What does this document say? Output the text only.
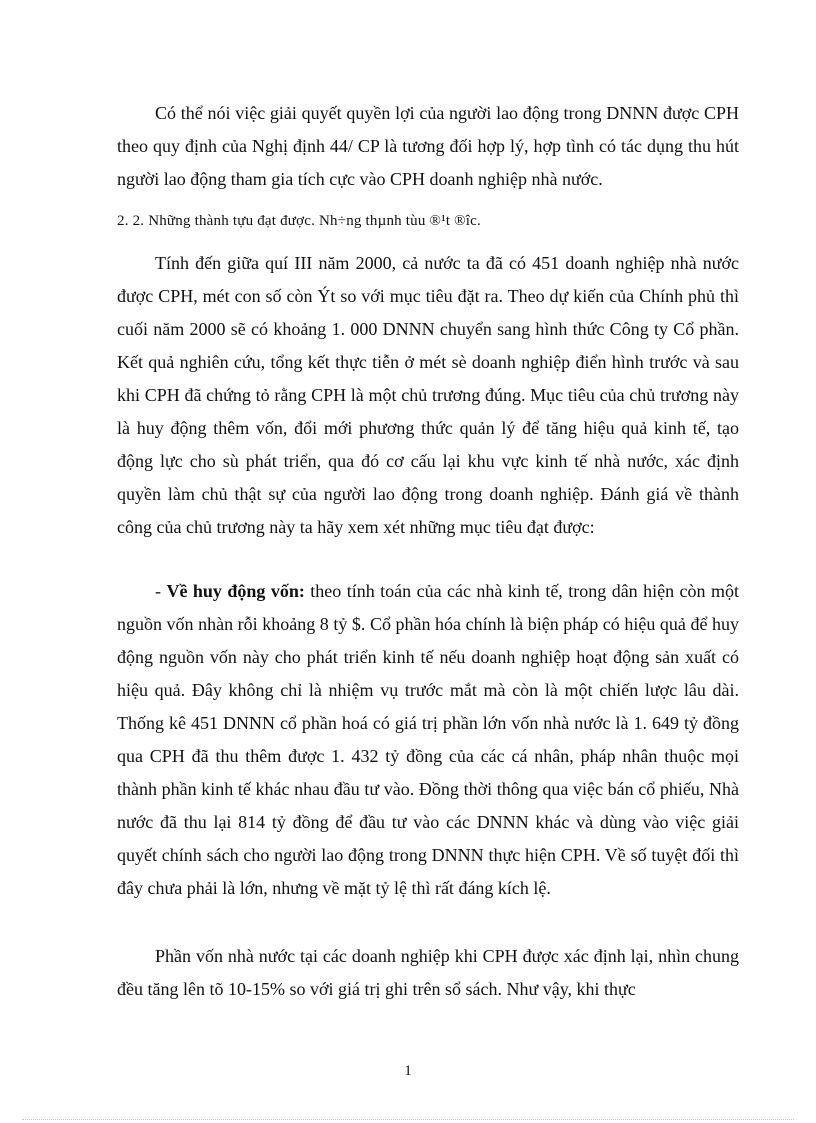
Có thể nói việc giải quyết quyền lợi của người lao động trong DNNN được CPH theo quy định của Nghị định 44/ CP là tương đối hợp lý, hợp tình có tác dụng thu hút người lao động tham gia tích cực vào CPH doanh nghiệp nhà nước.

2. 2. Những thành tựu đạt được. Nh÷ng thµnh tùu ®¹t ®îc.

Tính đến giữa quí III năm 2000, cả nước ta đã có 451 doanh nghiệp nhà nước được CPH, mét con số còn Ýt so với mục tiêu đặt ra. Theo dự kiến của Chính phủ thì cuối năm 2000 sẽ có khoảng 1. 000 DNNN chuyển sang hình thức Công ty Cổ phần. Kết quả nghiên cứu, tổng kết thực tiễn ở mét sè doanh nghiệp điển hình trước và sau khi CPH đã chứng tỏ rằng CPH là một chủ trương đúng. Mục tiêu của chủ trương này là huy động thêm vốn, đổi mới phương thức quản lý để tăng hiệu quả kinh tế, tạo động lực cho sù phát triển, qua đó cơ cấu lại khu vực kinh tế nhà nước, xác định quyền làm chủ thật sự của người lao động trong doanh nghiệp. Đánh giá về thành công của chủ trương này ta hãy xem xét những mục tiêu đạt được:

- Về huy động vốn: theo tính toán của các nhà kinh tế, trong dân hiện còn một nguồn vốn nhàn rỗi khoảng 8 tỷ $. Cổ phần hóa chính là biện pháp có hiệu quả để huy động nguồn vốn này cho phát triển kinh tế nếu doanh nghiệp hoạt động sản xuất có hiệu quả. Đây không chỉ là nhiệm vụ trước mắt mà còn là một chiến lược lâu dài. Thống kê 451 DNNN cổ phần hoá có giá trị phần lớn vốn nhà nước là 1. 649 tỷ đồng qua CPH đã thu thêm được 1. 432 tỷ đồng của các cá nhân, pháp nhân thuộc mọi thành phần kinh tế khác nhau đầu tư vào. Đồng thời thông qua việc bán cổ phiếu, Nhà nước đã thu lại 814 tỷ đồng để đầu tư vào các DNNN khác và dùng vào việc giải quyết chính sách cho người lao động trong DNNN thực hiện CPH. Về số tuyệt đối thì đây chưa phải là lớn, nhưng về mặt tỷ lệ thì rất đáng kích lệ.

Phần vốn nhà nước tại các doanh nghiệp khi CPH được xác định lại, nhìn chung đều tăng lên tõ 10-15% so với giá trị ghi trên sổ sách. Như vậy, khi thực

1
